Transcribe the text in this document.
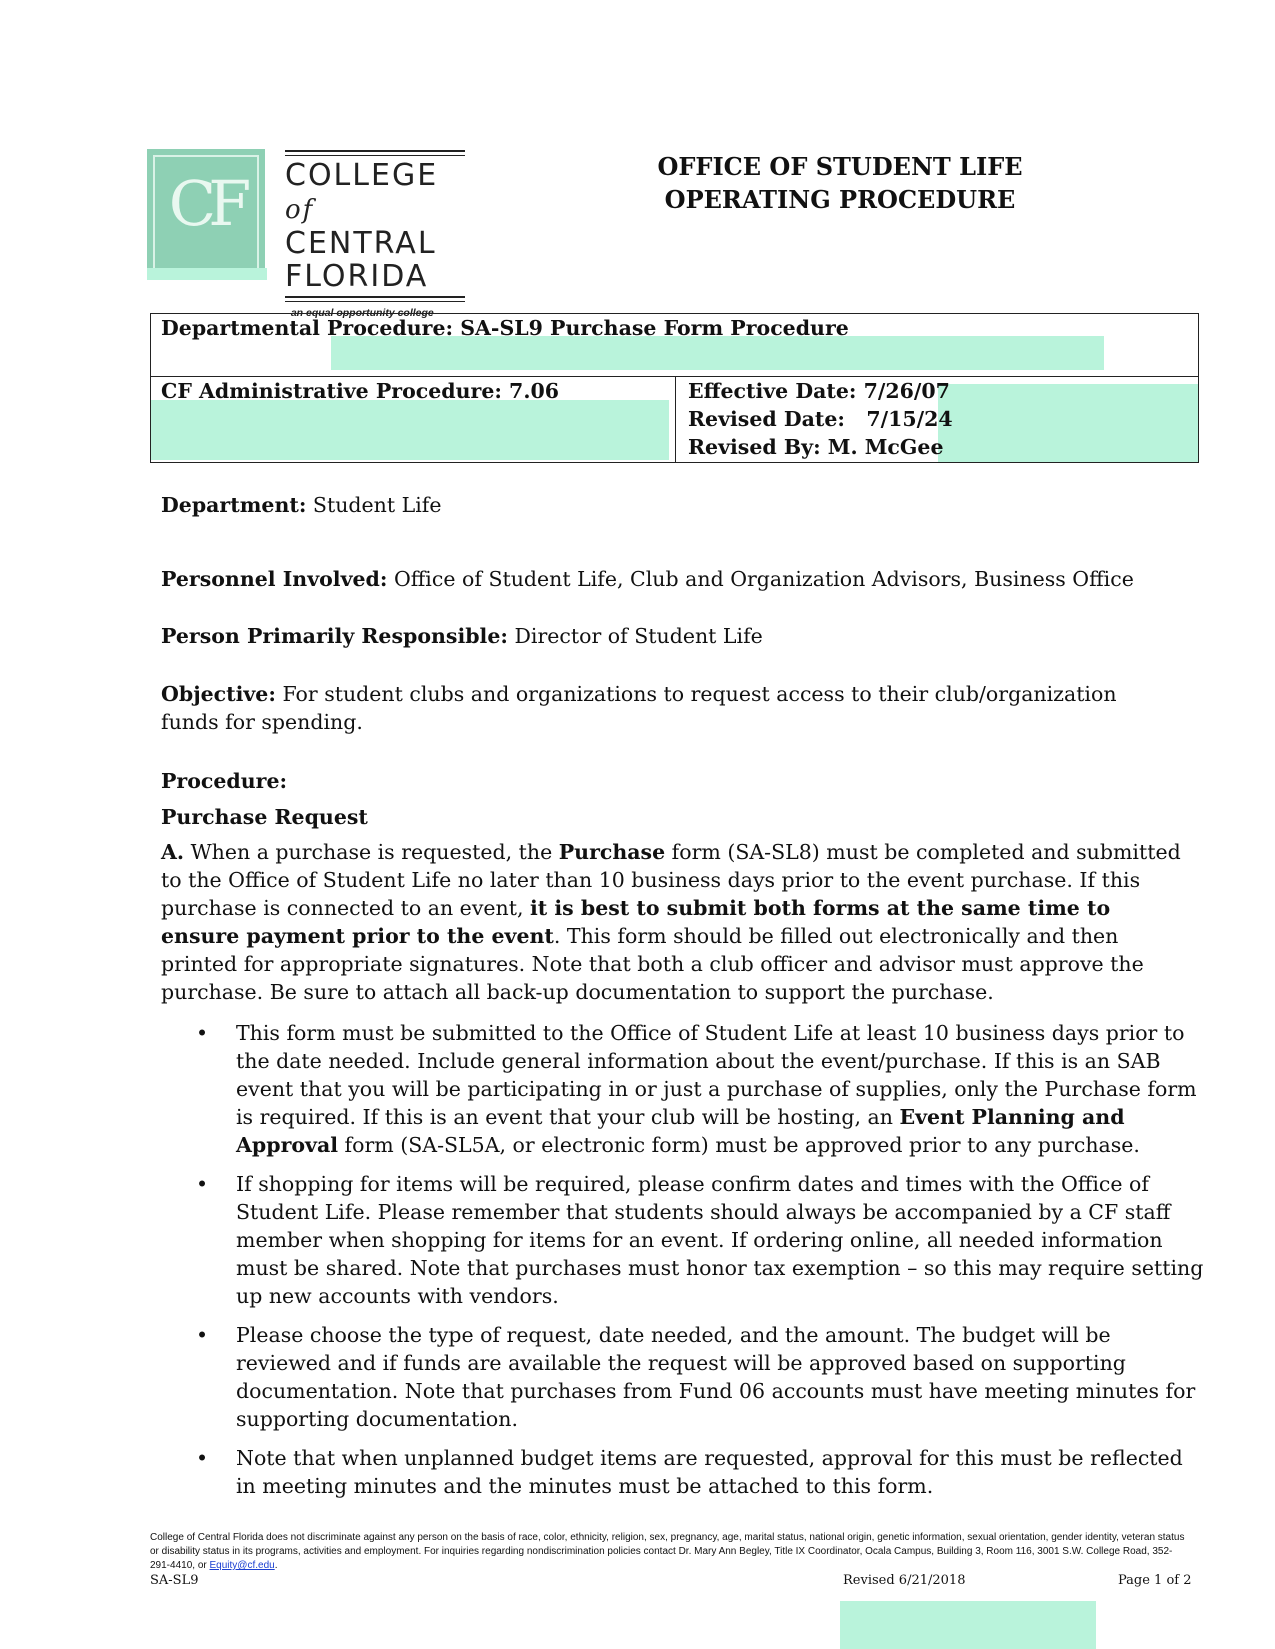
CF	COLLEGE of
CENTRAL
FLORIDA
–an equal opportunity college–
OFFICE OF STUDENT LIFE
OPERATING PROCEDURE
Departmental Procedure: SA-SL9 Purchase Form Procedure
CF Administrative Procedure: 7.06	Effective Date: 7/26/07
Revised Date:   7/15/24
Revised By: M. McGee
Department: Student Life
Personnel Involved: Office of Student Life, Club and Organization Advisors, Business Office
Person Primarily Responsible: Director of Student Life
Objective: For student clubs and organizations to request access to their club/organization funds for spending.
Procedure:
Purchase Request
A. When a purchase is requested, the Purchase form (SA-SL8) must be completed and submitted to the Office of Student Life no later than 10 business days prior to the event purchase. If this purchase is connected to an event, it is best to submit both forms at the same time to ensure payment prior to the event. This form should be filled out electronically and then printed for appropriate signatures. Note that both a club officer and advisor must approve the purchase. Be sure to attach all back-up documentation to support the purchase.
• This form must be submitted to the Office of Student Life at least 10 business days prior to the date needed. Include general information about the event/purchase. If this is an SAB event that you will be participating in or just a purchase of supplies, only the Purchase form is required. If this is an event that your club will be hosting, an Event Planning and Approval form (SA-SL5A, or electronic form) must be approved prior to any purchase.
• If shopping for items will be required, please confirm dates and times with the Office of Student Life. Please remember that students should always be accompanied by a CF staff member when shopping for items for an event. If ordering online, all needed information must be shared. Note that purchases must honor tax exemption – so this may require setting up new accounts with vendors.
• Please choose the type of request, date needed, and the amount. The budget will be reviewed and if funds are available the request will be approved based on supporting documentation. Note that purchases from Fund 06 accounts must have meeting minutes for supporting documentation.
• Note that when unplanned budget items are requested, approval for this must be reflected in meeting minutes and the minutes must be attached to this form.
College of Central Florida does not discriminate against any person on the basis of race, color, ethnicity, religion, sex, pregnancy, age, marital status, national origin, genetic information, sexual orientation, gender identity, veteran status or disability status in its programs, activities and employment. For inquiries regarding nondiscrimination policies contact Dr. Mary Ann Begley, Title IX Coordinator, Ocala Campus, Building 3, Room 116, 3001 S.W. College Road, 352-291-4410, or Equity@cf.edu.
SA-SL9	Revised 6/21/2018	Page 1 of 2
